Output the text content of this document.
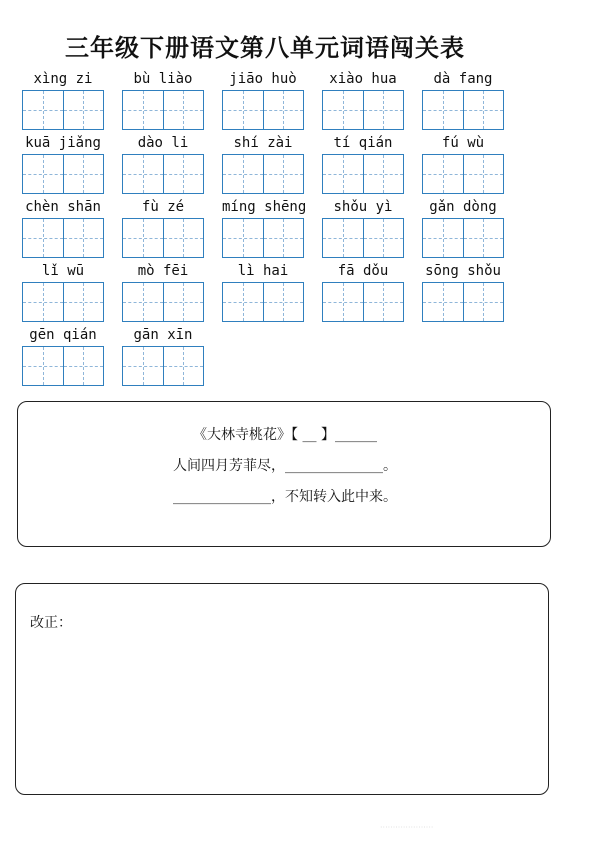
三年级下册语文第八单元词语闯关表
xìng zi	bù liào	jiāo huò	xiào hua	dà fang
kuā jiǎng	dào li	shí zài	tí qián	fú wù
chèn shān	fù zé	míng shēng	shǒu yì	gǎn dòng
lǐ wū	mò fēi	lì hai	fā dǒu	sōng shǒu
gēn qián	gān xīn
《大林寺桃花》【 __ 】______
人间四月芳菲尽，______________。
______________，不知转入此中来。
改正：
·····················
